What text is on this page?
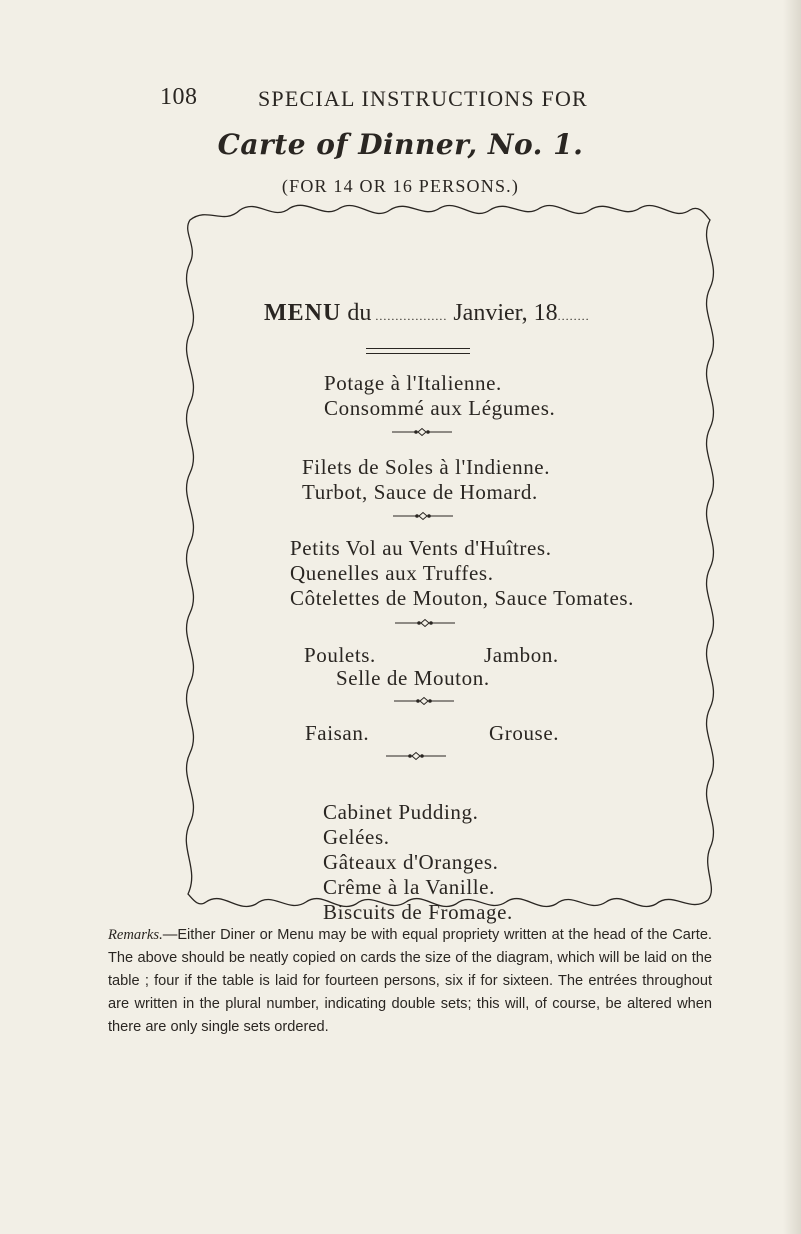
108	SPECIAL INSTRUCTIONS FOR
Carte of Dinner, No. 1.
(FOR 14 OR 16 PERSONS.)
MENU du .................. Janvier, 18........
Potage à l'Italienne.
Consommé aux Légumes.
Filets de Soles à l'Indienne.
Turbot, Sauce de Homard.
Petits Vol au Vents d'Huîtres.
Quenelles aux Truffes.
Côtelettes de Mouton, Sauce Tomates.
Poulets.	Jambon.
Selle de Mouton.
Faisan.	Grouse.
Remarks.—Either Diner or Menu may be with equal propriety written at the head of the Carte. The above should be neatly copied on cards the size of the diagram, which will be laid on the table ; four if the table is laid for fourteen persons, six if for sixteen. The entrées throughout are written in the plural number, indicating double sets; this will, of course, be altered when there are only single sets ordered.
Cabinet Pudding.
Gelées.
Gâteaux d'Oranges.
Crême à la Vanille.
Biscuits de Fromage.
